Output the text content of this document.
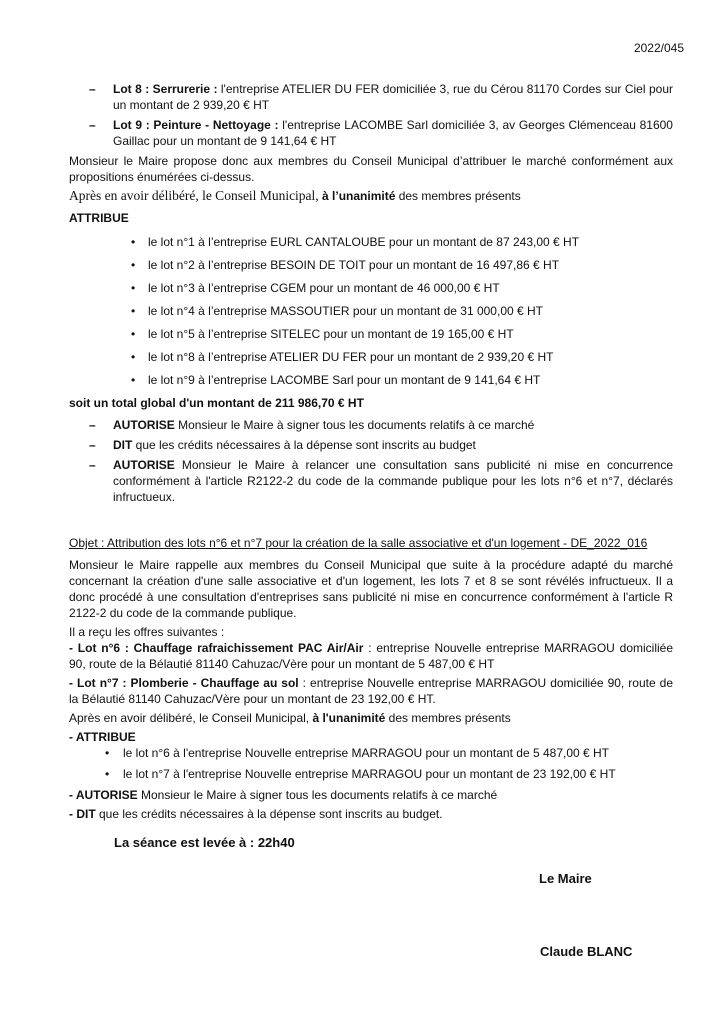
2022/045
– Lot 8 : Serrurerie : l'entreprise ATELIER DU FER domiciliée 3, rue du Cérou 81170 Cordes sur Ciel pour un montant de 2 939,20 € HT
– Lot 9 : Peinture - Nettoyage : l'entreprise LACOMBE Sarl domiciliée 3, av Georges Clémenceau 81600 Gaillac pour un montant de 9 141,64 € HT

Monsieur le Maire propose donc aux membres du Conseil Municipal d’attribuer le marché conformément aux propositions énumérées ci-dessus.

Après en avoir délibéré, le Conseil Municipal, à l’unanimité des membres présents

ATTRIBUE
• le lot n°1 à l’entreprise EURL CANTALOUBE pour un montant de 87 243,00 € HT
• le lot n°2 à l’entreprise BESOIN DE TOIT pour un montant de 16 497,86 € HT
• le lot n°3 à l’entreprise CGEM pour un montant de 46 000,00 € HT
• le lot n°4 à l’entreprise MASSOUTIER pour un montant de 31 000,00 € HT
• le lot n°5 à l’entreprise SITELEC pour un montant de 19 165,00 € HT
• le lot n°8 à l’entreprise ATELIER DU FER pour un montant de 2 939,20 € HT
• le lot n°9 à l’entreprise LACOMBE Sarl pour un montant de 9 141,64 € HT
soit un total global d'un montant de 211 986,70 € HT
– AUTORISE Monsieur le Maire à signer tous les documents relatifs à ce marché
– DIT que les crédits nécessaires à la dépense sont inscrits au budget
– AUTORISE Monsieur le Maire à relancer une consultation sans publicité ni mise en concurrence conformément à l'article R2122-2 du code de la commande publique pour les lots n°6 et n°7, déclarés infructueux.
Objet : Attribution des lots n°6 et n°7 pour la création de la salle associative et d'un logement - DE_2022_016

Monsieur le Maire rappelle aux membres du Conseil Municipal que suite à la procédure adapté du marché concernant la création d'une salle associative et d'un logement, les lots 7 et 8 se sont révélés infructueux. Il a donc procédé à une consultation d'entreprises sans publicité ni mise en concurrence conformément à l'article R 2122-2 du code de la commande publique.

Il a reçu les offres suivantes :
- Lot n°6 : Chauffage rafraichissement PAC Air/Air : entreprise Nouvelle entreprise MARRAGOU domiciliée 90, route de la Bélautié 81140 Cahuzac/Vère pour un montant de 5 487,00 € HT
- Lot n°7 : Plomberie - Chauffage au sol : entreprise Nouvelle entreprise MARRAGOU domiciliée 90, route de la Bélautié 81140 Cahuzac/Vère pour un montant de 23 192,00 € HT.

Après en avoir délibéré, le Conseil Municipal, à l'unanimité des membres présents

- ATTRIBUE
• le lot n°6 à l'entreprise Nouvelle entreprise MARRAGOU pour un montant de 5 487,00 € HT
• le lot n°7 à l'entreprise Nouvelle entreprise MARRAGOU pour un montant de 23 192,00 € HT
- AUTORISE Monsieur le Maire à signer tous les documents relatifs à ce marché
- DIT que les crédits nécessaires à la dépense sont inscrits au budget.
La séance est levée à : 22h40
Le Maire
Claude BLANC
